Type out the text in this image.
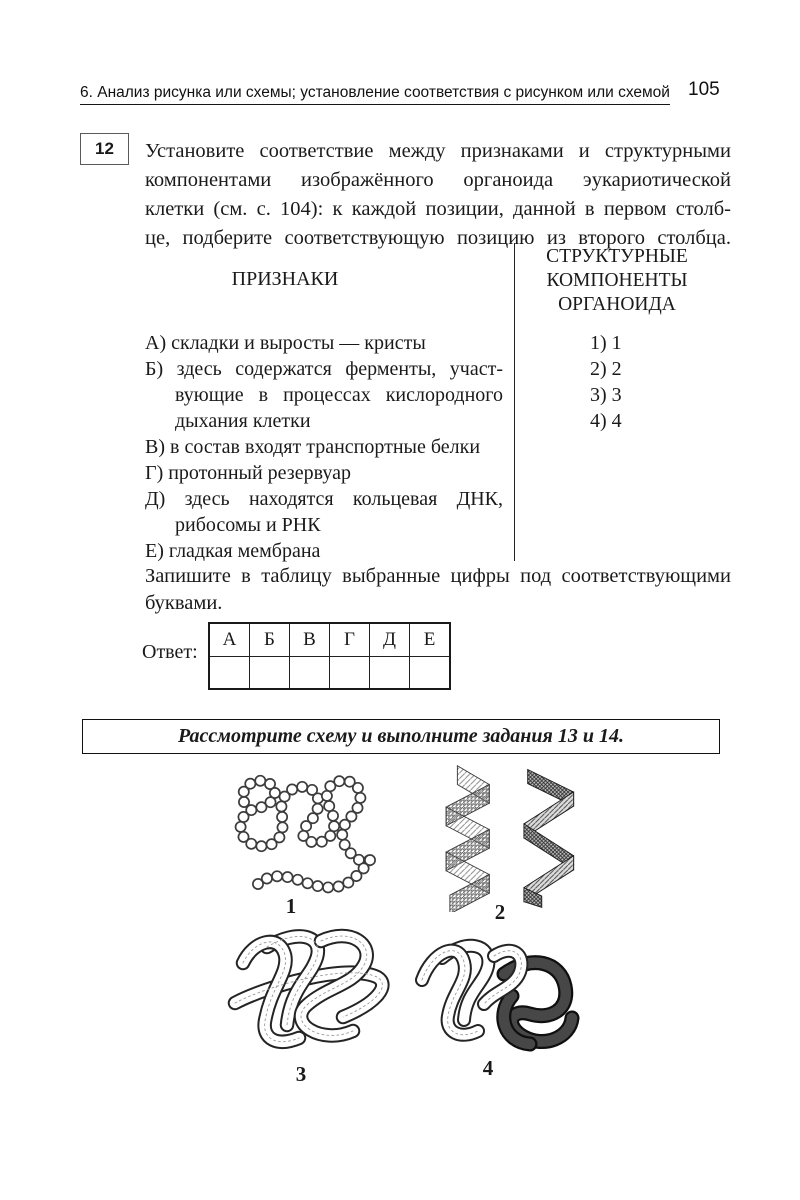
6. Анализ рисунка или схемы; установление соответствия с рисунком или схемой 105
12	Установите соответствие между признаками и структурными
компонентами изображённого органоида эукариотической
клетки (см. с. 104): к каждой позиции, данной в первом столб-
це, подберите соответствующую позицию из второго столбца.
ПРИЗНАКИ
СТРУКТУРНЫЕ
КОМПОНЕНТЫ
ОРГАНОИДА
А) складки и выросты — кристы
Б) здесь содержатся ферменты, участ-
вующие в процессах кислородного
дыхания клетки
В) в состав входят транспортные белки
Г) протонный резервуар
Д) здесь находятся кольцевая ДНК,
рибосомы и РНК
Е) гладкая мембрана
1) 1
2) 2
3) 3
4) 4
Запишите в таблицу выбранные цифры под соответствующими
буквами.
Ответ:
А	Б	В	Г	Д	Е

Рассмотрите схему и выполните задания 13 и 14.
1	2
3	4
